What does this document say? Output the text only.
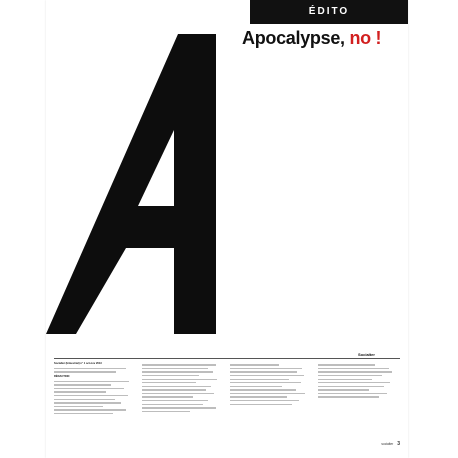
ÉDITO
Apocalypse, no !
Socialter
Socialter (bimestriel) n° 1 oct-nov 2013

RÉDACTION
socialter 3
